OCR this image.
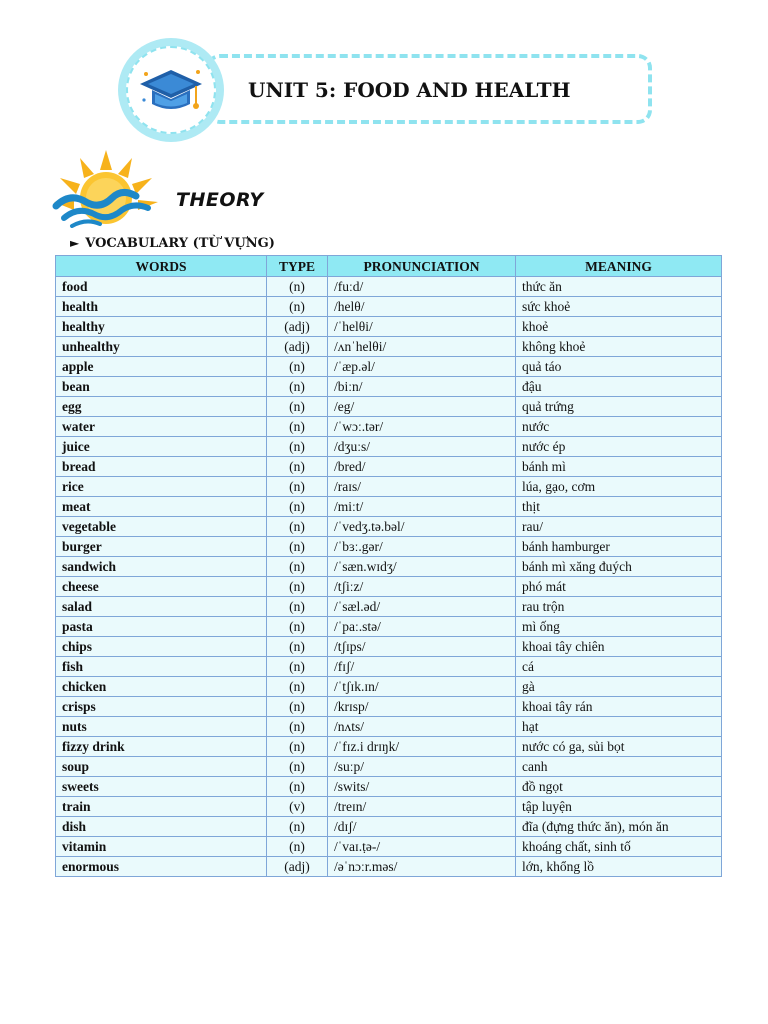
UNIT 5: FOOD AND HEALTH
THEORY
► VOCABULARY (TỪ VỰNG)
WORDS	TYPE	PRONUNCIATION	MEANING
food	(n)	/fuːd/	thức ăn
health	(n)	/helθ/	sức khoẻ
healthy	(adj)	/ˈhelθi/	khoẻ
unhealthy	(adj)	/ʌnˈhelθi/	không khoẻ
apple	(n)	/ˈæp.əl/	quả táo
bean	(n)	/biːn/	đậu
egg	(n)	/eg/	quả trứng
water	(n)	/ˈwɔː.tər/	nước
juice	(n)	/dʒuːs/	nước ép
bread	(n)	/bred/	bánh mì
rice	(n)	/raɪs/	lúa, gạo, cơm
meat	(n)	/miːt/	thịt
vegetable	(n)	/ˈvedʒ.tə.bəl/	rau/
burger	(n)	/ˈbɜː.gər/	bánh hamburger
sandwich	(n)	/ˈsæn.wɪdʒ/	bánh mì xăng đuých
cheese	(n)	/tʃiːz/	phó mát
salad	(n)	/ˈsæl.əd/	rau trộn
pasta	(n)	/ˈpaː.stə/	mì ống
chips	(n)	/tʃɪps/	khoai tây chiên
fish	(n)	/fɪʃ/	cá
chicken	(n)	/ˈtʃɪk.ɪn/	gà
crisps	(n)	/krɪsp/	khoai tây rán
nuts	(n)	/nʌts/	hạt
fizzy drink	(n)	/ˈfɪz.i drɪŋk/	nước có ga, sủi bọt
soup	(n)	/suːp/	canh
sweets	(n)	/swits/	đồ ngọt
train	(v)	/treɪn/	tập luyện
dish	(n)	/dɪʃ/	đĩa (đựng thức ăn), món ăn
vitamin	(n)	/ˈvaɪ.ṭə-/	khoáng chất, sinh tố
enormous	(adj)	/əˈnɔːr.məs/	lớn, khổng lồ
